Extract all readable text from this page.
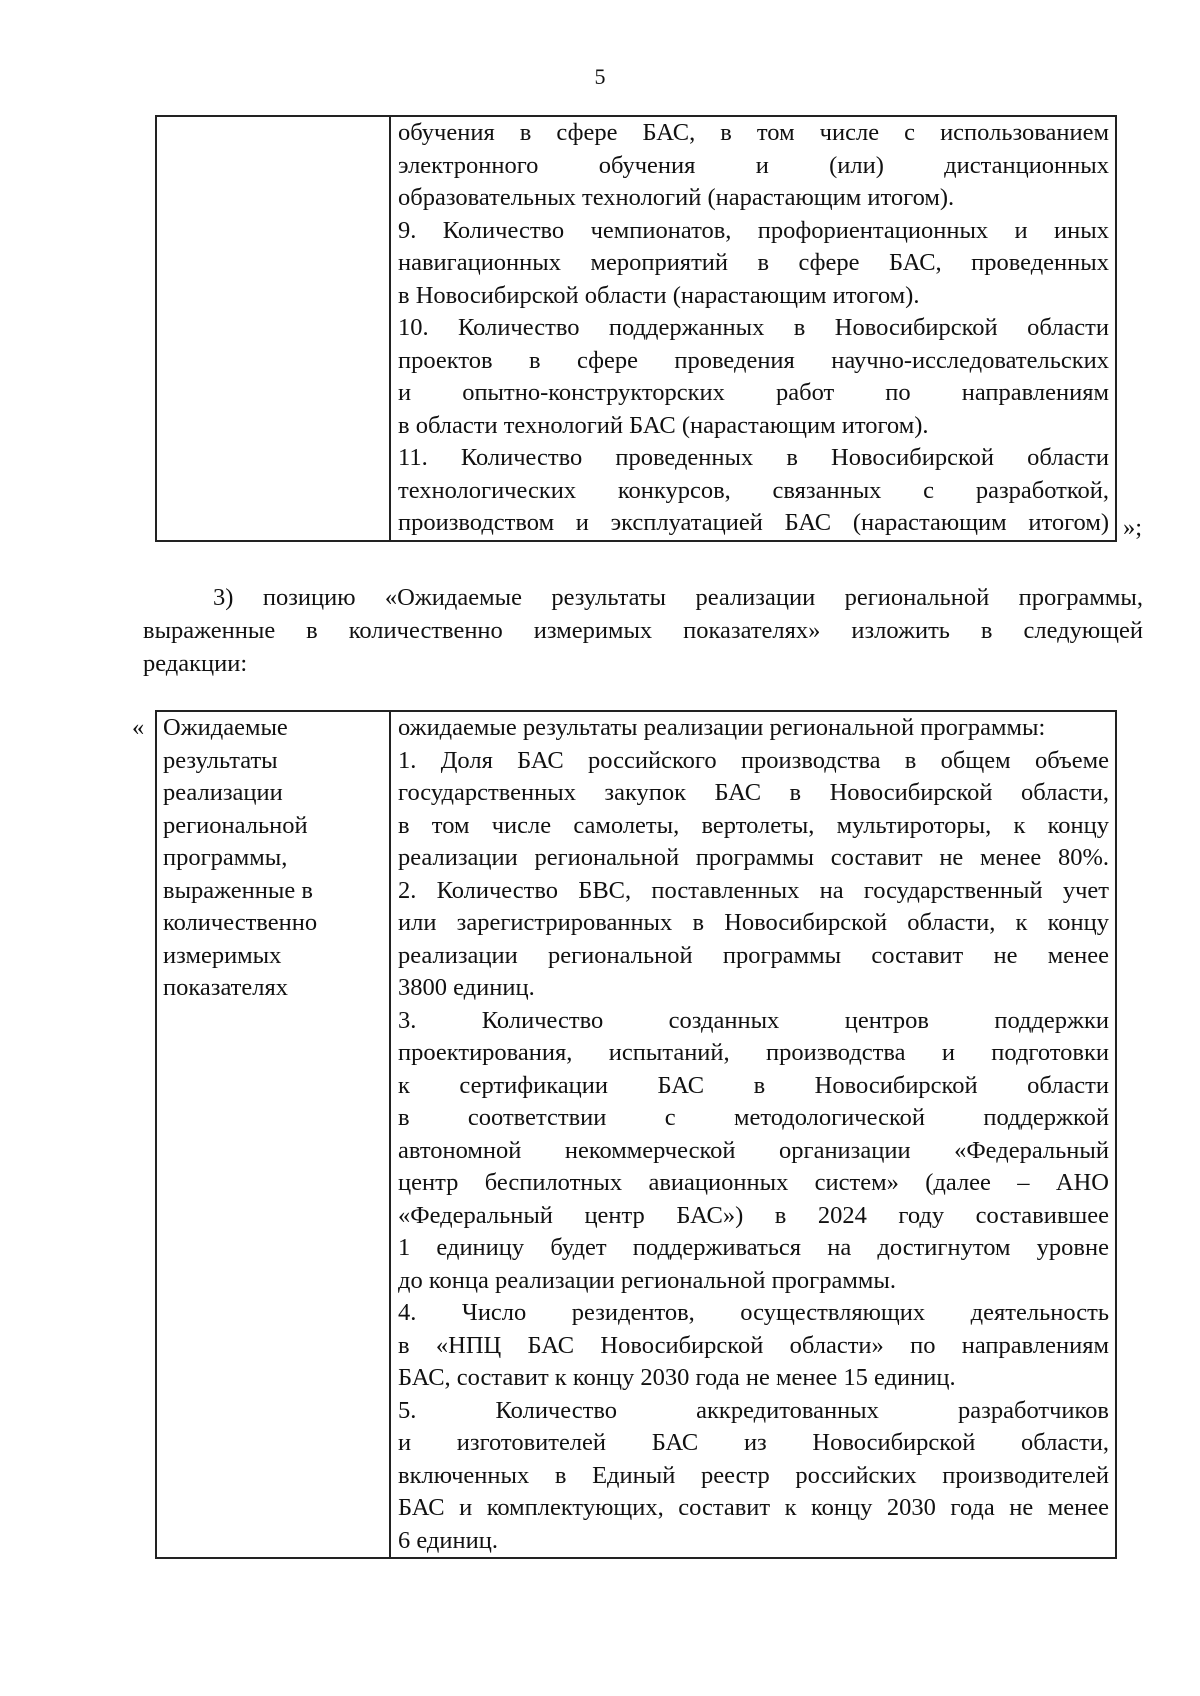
5

обучения в сфере БАС, в том числе с использованием
электронного обучения и (или) дистанционных
образовательных технологий (нарастающим итогом).
9. Количество чемпионатов, профориентационных и иных
навигационных мероприятий в сфере БАС, проведенных
в Новосибирской области (нарастающим итогом).
10. Количество поддержанных в Новосибирской области
проектов в сфере проведения научно-исследовательских
и опытно-конструкторских работ по направлениям
в области технологий БАС (нарастающим итогом).
11. Количество проведенных в Новосибирской области
технологических конкурсов, связанных с разработкой,
производством и эксплуатацией БАС (нарастающим итогом) »;
3) позицию «Ожидаемые результаты реализации региональной программы,
выраженные в количественно измеримых показателях» изложить в следующей
редакции:
« Ожидаемые
результаты
реализации
региональной
программы,
выраженные в
количественно
измеримых
показателях

ожидаемые результаты реализации региональной программы:
1. Доля БАС российского производства в общем объеме
государственных закупок БАС в Новосибирской области,
в том числе самолеты, вертолеты, мультироторы, к концу
реализации региональной программы составит не менее 80%.
2. Количество БВС, поставленных на государственный учет
или зарегистрированных в Новосибирской области, к концу
реализации региональной программы составит не менее
3800 единиц.
3. Количество созданных центров поддержки
проектирования, испытаний, производства и подготовки
к сертификации БАС в Новосибирской области
в соответствии с методологической поддержкой
автономной некоммерческой организации «Федеральный
центр беспилотных авиационных систем» (далее – АНО
«Федеральный центр БАС») в 2024 году составившее
1 единицу будет поддерживаться на достигнутом уровне
до конца реализации региональной программы.
4. Число резидентов, осуществляющих деятельность
в «НПЦ БАС Новосибирской области» по направлениям
БАС, составит к концу 2030 года не менее 15 единиц.
5. Количество аккредитованных разработчиков
и изготовителей БАС из Новосибирской области,
включенных в Единый реестр российских производителей
БАС и комплектующих, составит к концу 2030 года не менее
6 единиц.
